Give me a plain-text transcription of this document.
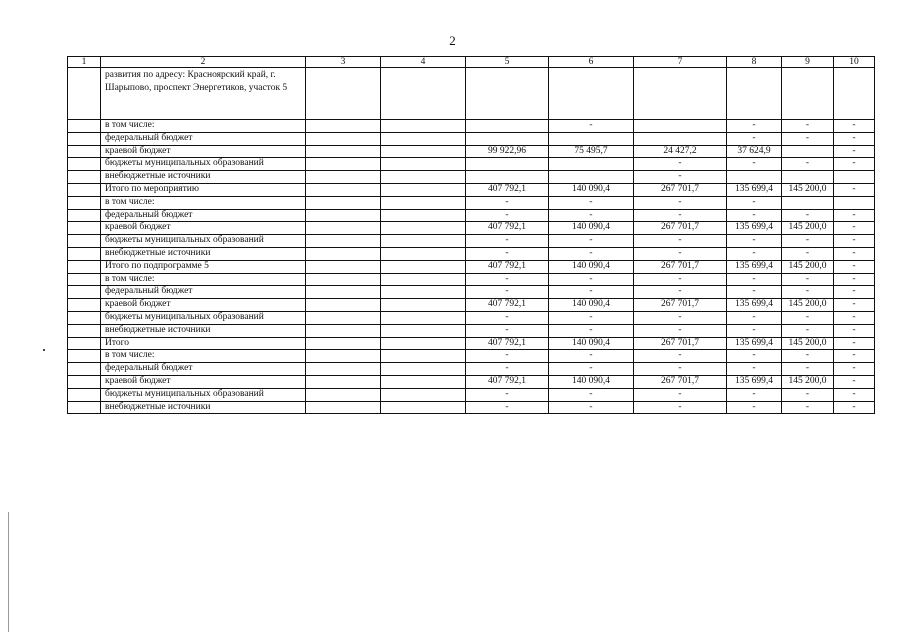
2
1	2	3	4	5	6	7	8	9	10
	развития по адресу: Красноярский край, г. Шарыпово, проспект Энергетиков, участок 5								
	в том числе:				-		-	-	-
	федеральный бюджет						-	-	-
	краевой бюджет			99 922,96	75 495,7	24 427,2	37 624,9		-
	бюджеты муниципальных образований					-	-	-	-
	внебюджетные источники					-			
	Итого по мероприятию			407 792,1	140 090,4	267 701,7	135 699,4	145 200,0	-
	в том числе:			-	-	-	-		
	федеральный бюджет			-	-	-	-	-	-
	краевой бюджет			407 792,1	140 090,4	267 701,7	135 699,4	145 200,0	-
	бюджеты муниципальных образований			-	-	-	-	-	-
	внебюджетные источники			-	-	-	-	-	-
	Итого по подпрограмме 5			407 792,1	140 090,4	267 701,7	135 699,4	145 200,0	-
	в том числе:			-	-	-	-	-	-
	федеральный бюджет			-	-	-	-	-	-
	краевой бюджет			407 792,1	140 090,4	267 701,7	135 699,4	145 200,0	-
	бюджеты муниципальных образований			-	-	-	-	-	-
	внебюджетные источники			-	-	-	-	-	-
	Итого			407 792,1	140 090,4	267 701,7	135 699,4	145 200,0	-
	в том числе:			-	-	-	-	-	-
	федеральный бюджет			-	-	-	-	-	-
	краевой бюджет			407 792,1	140 090,4	267 701,7	135 699,4	145 200,0	-
	бюджеты муниципальных образований			-	-	-	-	-	-
	внебюджетные источники			-	-	-	-	-	-
